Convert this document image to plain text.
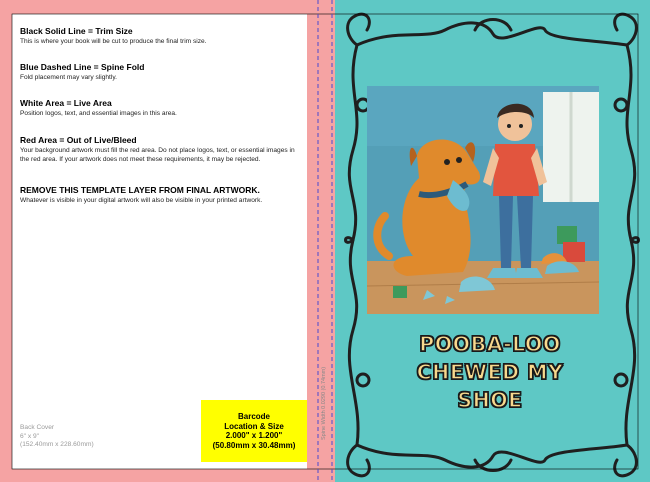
Black Solid Line = Trim Size

This is where your book will be cut to produce the final trim size.

Blue Dashed Line = Spine Fold

Fold placement may vary slightly.

White Area = Live Area

Position logos, text, and essential images in this area.

Red Area = Out of Live/Bleed

Your background artwork must fill the red area. Do not place logos, text, or essential images in the red area. If your artwork does not meet these requirements, it may be rejected.

REMOVE THIS TEMPLATE LAYER FROM FINAL ARTWORK.

Whatever is visible in your digital artwork will also be visible in your printed artwork.

Back Cover
6" x 9"
(152.40mm x 228.60mm)
Barcode
Location & Size
2.000" x 1.200"
(50.80mm x 30.48mm)
Spine Width 0.0290 (0.74mm)
POOBA-LOO
CHEWED MY
SHOE
